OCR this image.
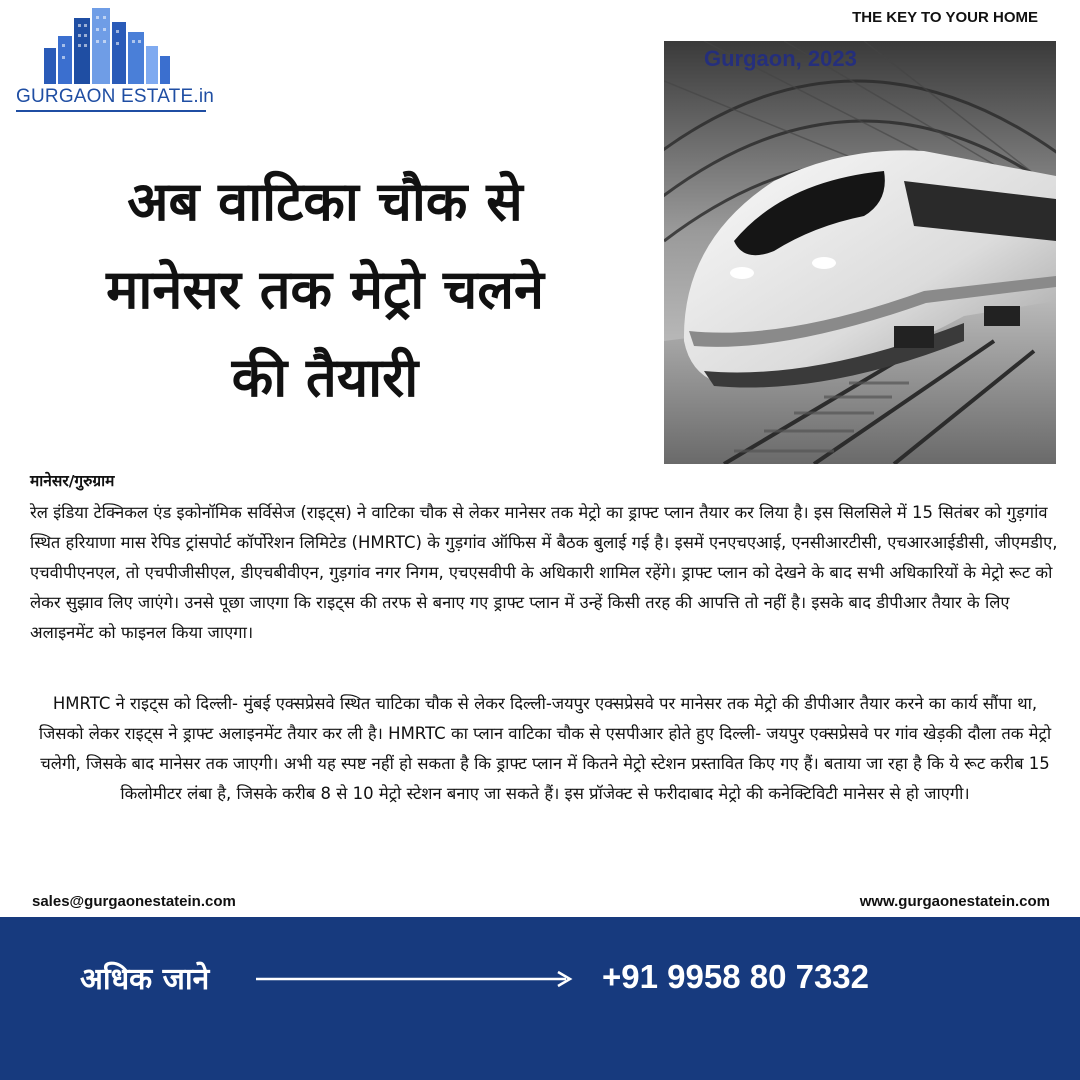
GURGAON ESTATE.in
THE KEY TO YOUR HOME
अब वाटिका चौक से
मानेसर तक मेट्रो चलने
की तैयारी
Gurgaon, 2023
मानेसर/गुरुग्राम
रेल इंडिया टेक्निकल एंड इकोनॉमिक सर्विसेज (राइट्स) ने वाटिका चौक से लेकर मानेसर तक मेट्रो का ड्राफ्ट प्लान तैयार कर लिया है। इस सिलसिले में 15 सितंबर को गुड़गांव स्थित हरियाणा मास रेपिड ट्रांसपोर्ट कॉर्पोरेशन लिमिटेड (HMRTC) के गुड़गांव ऑफिस में बैठक बुलाई गई है। इसमें एनएचएआई, एनसीआरटीसी, एचआरआईडीसी, जीएमडीए, एचवीपीएनएल, तो एचपीजीसीएल, डीएचबीवीएन, गुड़गांव नगर निगम, एचएसवीपी के अधिकारी शामिल रहेंगे। ड्राफ्ट प्लान को देखने के बाद सभी अधिकारियों के मेट्रो रूट को लेकर सुझाव लिए जाएंगे। उनसे पूछा जाएगा कि राइट्स की तरफ से बनाए गए ड्राफ्ट प्लान में उन्हें किसी तरह की आपत्ति तो नहीं है। इसके बाद डीपीआर तैयार के लिए अलाइनमेंट को फाइनल किया जाएगा।
HMRTC ने राइट्स को दिल्ली- मुंबई एक्सप्रेसवे स्थित चाटिका चौक से लेकर दिल्ली-जयपुर एक्सप्रेसवे पर मानेसर तक मेट्रो की डीपीआर तैयार करने का कार्य सौंपा था, जिसको लेकर राइट्स ने ड्राफ्ट अलाइनमेंट तैयार कर ली है। HMRTC का प्लान वाटिका चौक से एसपीआर होते हुए दिल्ली- जयपुर एक्सप्रेसवे पर गांव खेड़की दौला तक मेट्रो चलेगी, जिसके बाद मानेसर तक जाएगी। अभी यह स्पष्ट नहीं हो सकता है कि ड्राफ्ट प्लान में कितने मेट्रो स्टेशन प्रस्तावित किए गए हैं। बताया जा रहा है कि ये रूट करीब 15 किलोमीटर लंबा है, जिसके करीब 8 से 10 मेट्रो स्टेशन बनाए जा सकते हैं। इस प्रॉजेक्ट से फरीदाबाद मेट्रो की कनेक्टिविटी मानेसर से हो जाएगी।
sales@gurgaonestatein.com	www.gurgaonestatein.com
अधिक जाने	+91 9958 80 7332
